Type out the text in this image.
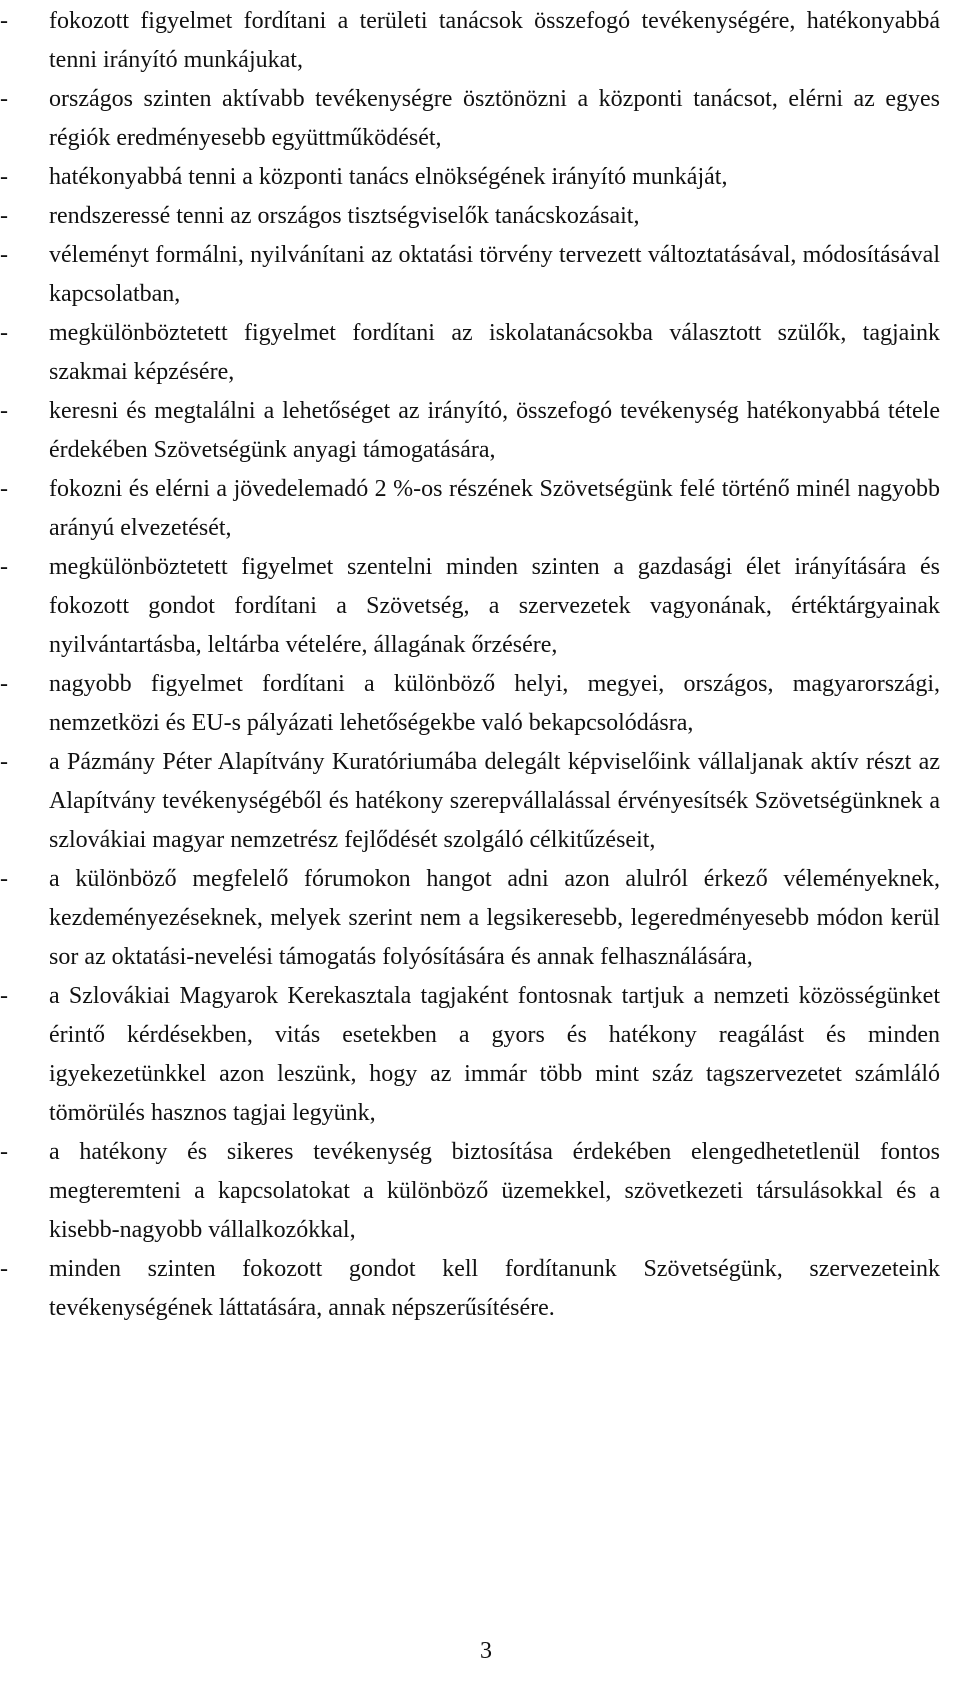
-	fokozott figyelmet fordítani a területi tanácsok összefogó tevékenységére, hatékonyabbá tenni irányító munkájukat,
-	országos szinten aktívabb tevékenységre ösztönözni a központi tanácsot, elérni az egyes régiók eredményesebb együttműködését,
-	hatékonyabbá tenni a központi tanács elnökségének irányító munkáját,
-	rendszeressé tenni az országos tisztségviselők tanácskozásait,
-	véleményt formálni, nyilvánítani az oktatási törvény tervezett változtatásával, módosításával kapcsolatban,
-	megkülönböztetett figyelmet fordítani az iskolatanácsokba választott szülők, tagjaink szakmai képzésére,
-	keresni és megtalálni a lehetőséget az irányító, összefogó tevékenység hatékonyabbá tétele érdekében Szövetségünk anyagi támogatására,
-	fokozni és elérni a jövedelemadó 2 %-os részének Szövetségünk felé történő minél nagyobb arányú elvezetését,
-	megkülönböztetett figyelmet szentelni minden szinten a gazdasági élet irányítására és fokozott gondot fordítani a Szövetség, a szervezetek vagyonának, értéktárgyainak nyilvántartásba, leltárba vételére, állagának őrzésére,
-	nagyobb figyelmet fordítani a különböző helyi, megyei, országos, magyarországi, nemzetközi és EU-s pályázati lehetőségekbe való bekapcsolódásra,
-	a Pázmány Péter Alapítvány Kuratóriumába delegált képviselőink vállaljanak aktív részt az Alapítvány tevékenységéből és hatékony szerepvállalással érvényesítsék Szövetségünknek a szlovákiai magyar nemzetrész fejlődését szolgáló célkitűzéseit,
-	a különböző megfelelő fórumokon hangot adni azon alulról érkező véleményeknek, kezdeményezéseknek, melyek szerint nem a legsikeresebb, legeredményesebb módon kerül sor az oktatási-nevelési támogatás folyósítására és annak felhasználására,
-	a Szlovákiai Magyarok Kerekasztala tagjaként fontosnak tartjuk a nemzeti közösségünket érintő kérdésekben, vitás esetekben a gyors és hatékony reagálást és minden igyekezetünkkel azon leszünk, hogy az immár több mint száz tagszervezetet számláló tömörülés hasznos tagjai legyünk,
-	a hatékony és sikeres tevékenység biztosítása érdekében elengedhetetlenül fontos megteremteni a kapcsolatokat a különböző üzemekkel, szövetkezeti társulásokkal és a kisebb-nagyobb vállalkozókkal,
-	minden szinten fokozott gondot kell fordítanunk Szövetségünk, szervezeteink tevékenységének láttatására, annak népszerűsítésére.
3
